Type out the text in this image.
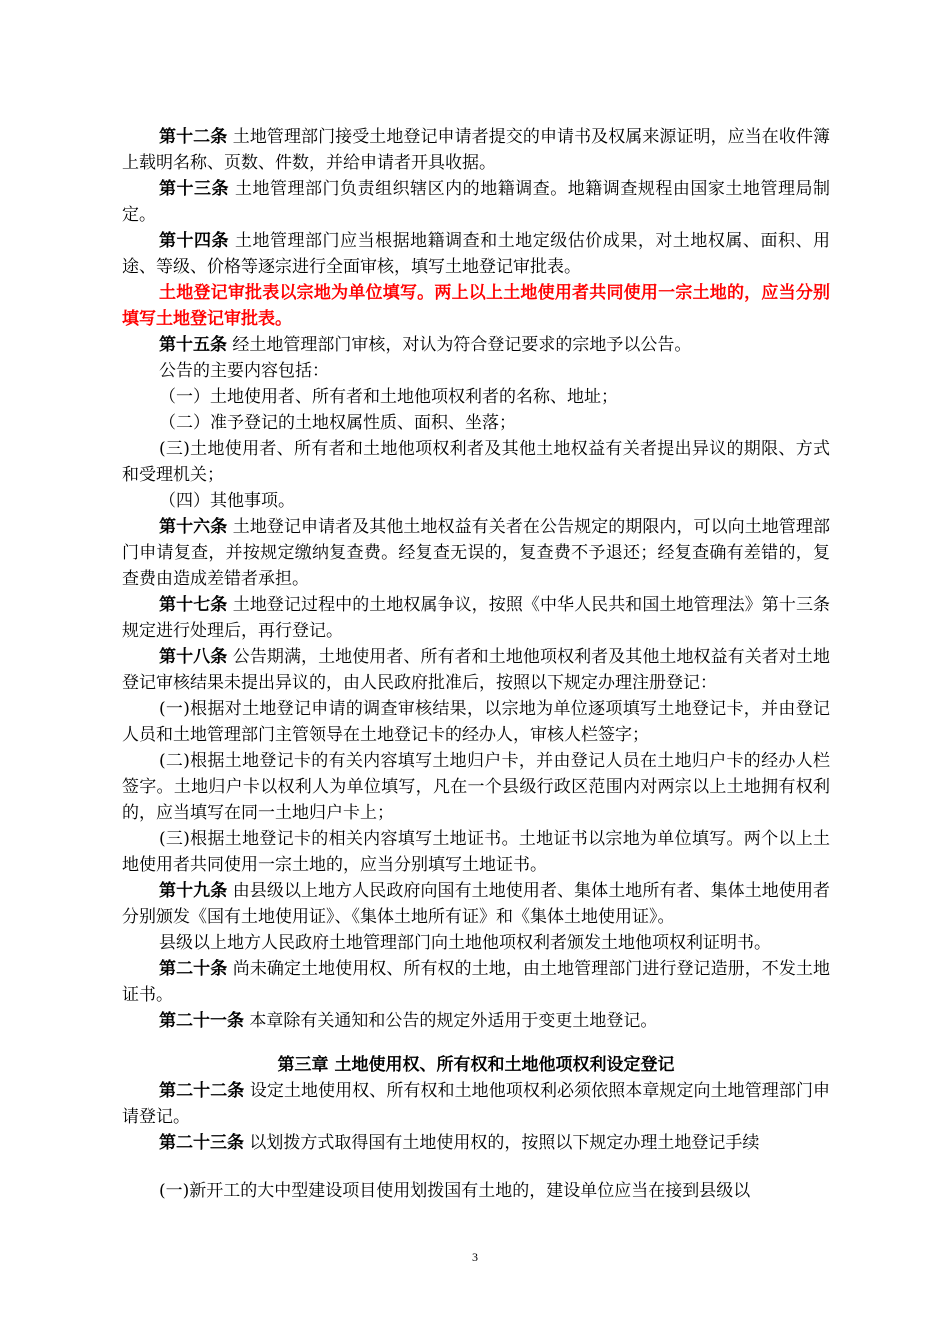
第十二条 土地管理部门接受土地登记申请者提交的申请书及权属来源证明，应当在收件簿上载明名称、页数、件数，并给申请者开具收据。

第十三条 土地管理部门负责组织辖区内的地籍调查。地籍调查规程由国家土地管理局制定。

第十四条 土地管理部门应当根据地籍调查和土地定级估价成果，对土地权属、面积、用途、等级、价格等逐宗进行全面审核，填写土地登记审批表。

土地登记审批表以宗地为单位填写。两上以上土地使用者共同使用一宗土地的，应当分别填写土地登记审批表。

第十五条 经土地管理部门审核，对认为符合登记要求的宗地予以公告。

公告的主要内容包括：

（一）土地使用者、所有者和土地他项权利者的名称、地址；

（二）准予登记的土地权属性质、面积、坐落；

(三)土地使用者、所有者和土地他项权利者及其他土地权益有关者提出异议的期限、方式和受理机关；

（四）其他事项。

第十六条 土地登记申请者及其他土地权益有关者在公告规定的期限内，可以向土地管理部门申请复查，并按规定缴纳复查费。经复查无误的，复查费不予退还；经复查确有差错的，复查费由造成差错者承担。

第十七条 土地登记过程中的土地权属争议，按照《中华人民共和国土地管理法》第十三条规定进行处理后，再行登记。

第十八条 公告期满，土地使用者、所有者和土地他项权利者及其他土地权益有关者对土地登记审核结果未提出异议的，由人民政府批准后，按照以下规定办理注册登记：

(一)根据对土地登记申请的调查审核结果，以宗地为单位逐项填写土地登记卡，并由登记人员和土地管理部门主管领导在土地登记卡的经办人，审核人栏签字；

(二)根据土地登记卡的有关内容填写土地归户卡，并由登记人员在土地归户卡的经办人栏签字。土地归户卡以权利人为单位填写，凡在一个县级行政区范围内对两宗以上土地拥有权利的，应当填写在同一土地归户卡上；

(三)根据土地登记卡的相关内容填写土地证书。土地证书以宗地为单位填写。两个以上土地使用者共同使用一宗土地的，应当分别填写土地证书。

第十九条 由县级以上地方人民政府向国有土地使用者、集体土地所有者、集体土地使用者分别颁发《国有土地使用证》、《集体土地所有证》和《集体土地使用证》。

县级以上地方人民政府土地管理部门向土地他项权利者颁发土地他项权利证明书。

第二十条 尚未确定土地使用权、所有权的土地，由土地管理部门进行登记造册，不发土地证书。

第二十一条 本章除有关通知和公告的规定外适用于变更土地登记。

第三章 土地使用权、所有权和土地他项权利设定登记

第二十二条 设定土地使用权、所有权和土地他项权利必须依照本章规定向土地管理部门申请登记。

第二十三条 以划拨方式取得国有土地使用权的，按照以下规定办理土地登记手续

(一)新开工的大中型建设项目使用划拨国有土地的，建设单位应当在接到县级以

3
